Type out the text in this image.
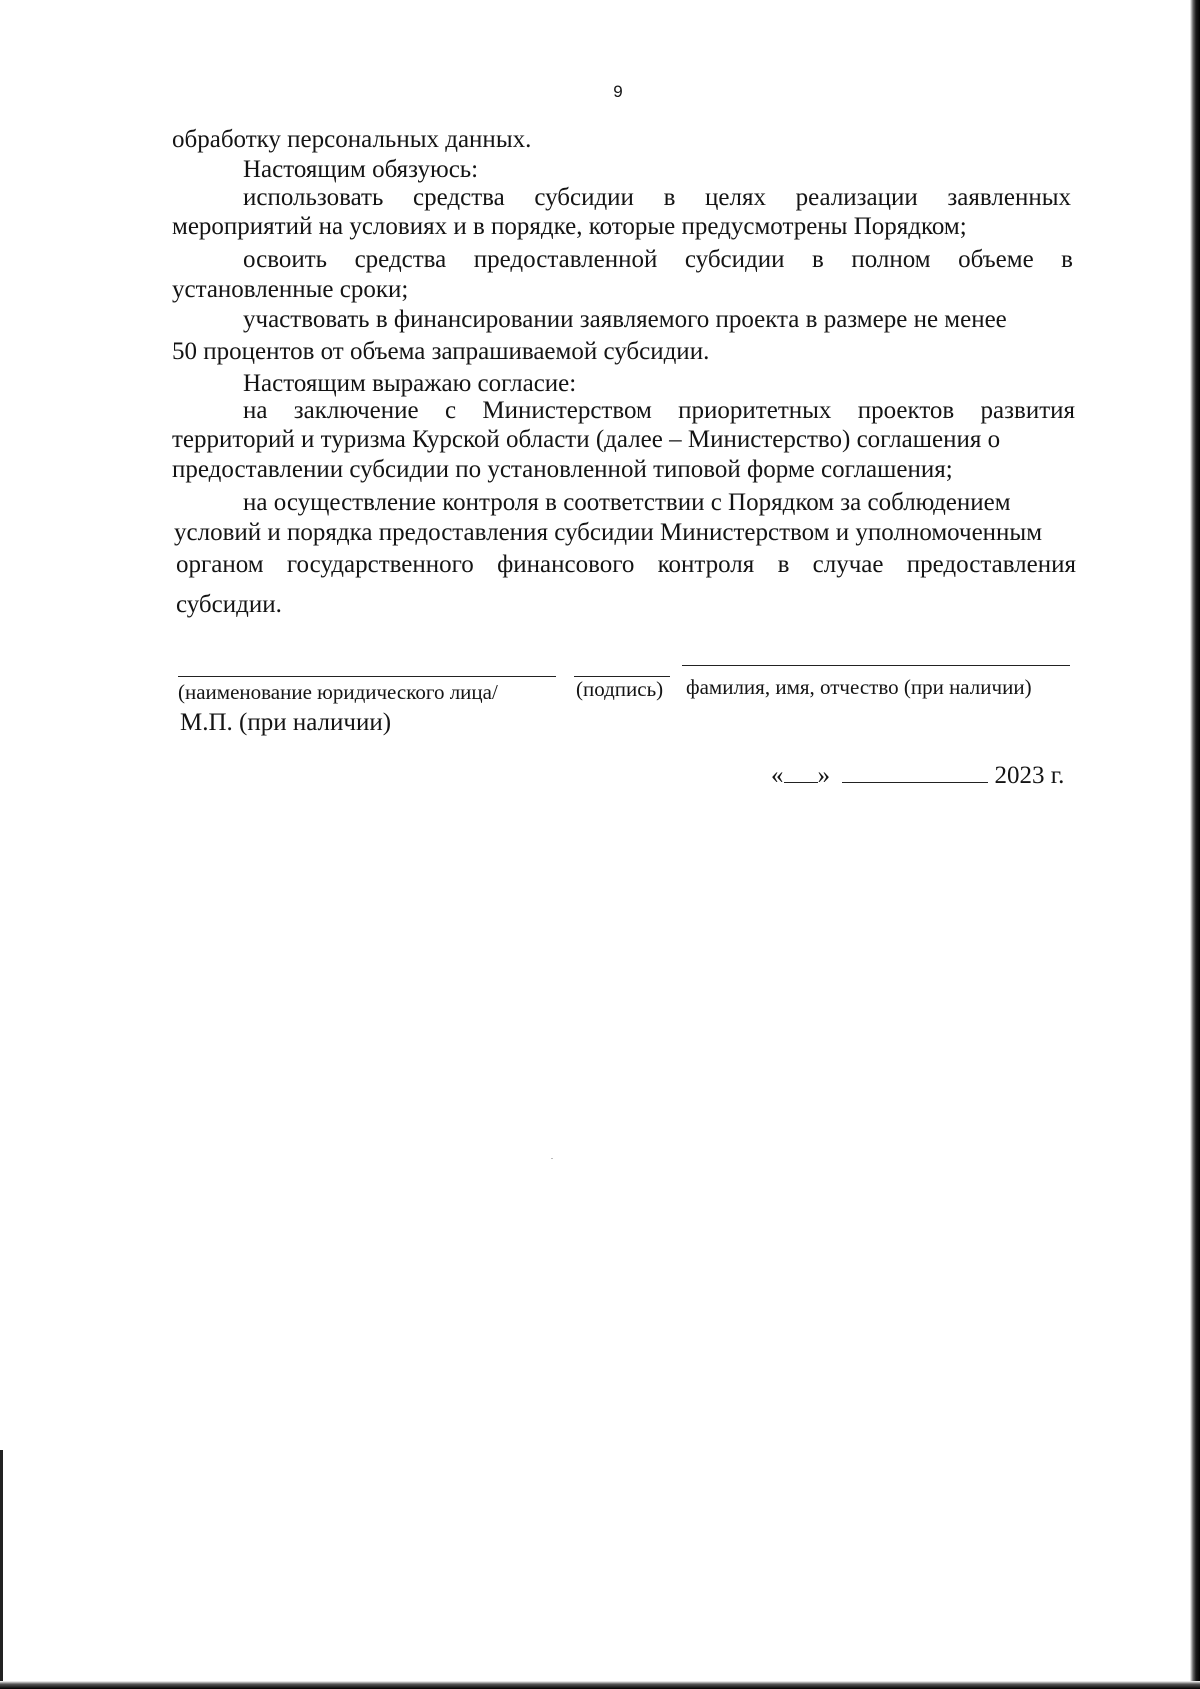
9
обработку персональных данных.
Настоящим обязуюсь:
использовать средства субсидии в целях реализации заявленных
мероприятий на условиях и в порядке, которые предусмотрены Порядком;
освоить средства предоставленной субсидии в полном объеме в
установленные сроки;
участвовать в финансировании заявляемого проекта в размере не менее
50 процентов от объема запрашиваемой субсидии.
Настоящим выражаю согласие:
на заключение с Министерством приоритетных проектов развития
территорий и туризма Курской области (далее – Министерство) соглашения о
предоставлении субсидии по установленной типовой форме соглашения;
на осуществление контроля в соответствии с Порядком за соблюдением
условий и порядка предоставления субсидии Министерством и уполномоченным
органом государственного финансового контроля в случае предоставления
субсидии.
(наименование юридического лица/	(подпись) фамилия, имя, отчество (при наличии)
М.П. (при наличии)
« »	2023 г.
